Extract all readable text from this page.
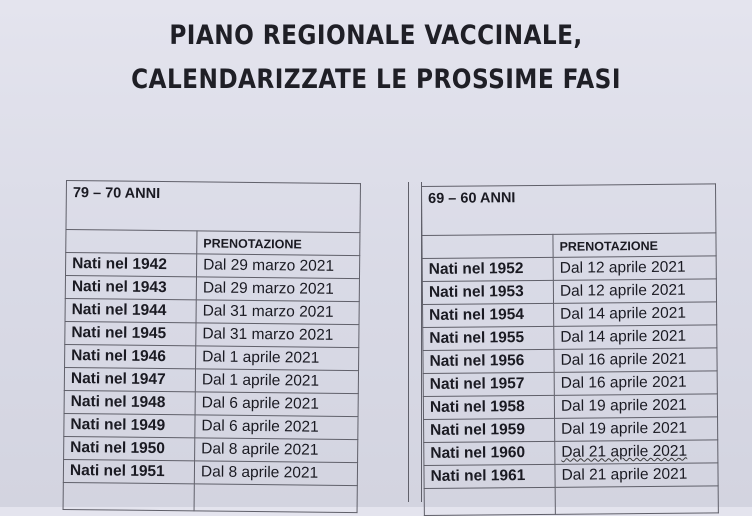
PIANO REGIONALE VACCINALE,
CALENDARIZZATE LE PROSSIME FASI
79 – 70 ANNI	
	PRENOTAZIONE
Nati nel 1942	Dal 29 marzo 2021
Nati nel 1943	Dal 29 marzo 2021
Nati nel 1944	Dal 31 marzo 2021
Nati nel 1945	Dal 31 marzo 2021
Nati nel 1946	Dal 1 aprile 2021
Nati nel 1947	Dal 1 aprile 2021
Nati nel 1948	Dal 6 aprile 2021
Nati nel 1949	Dal 6 aprile 2021
Nati nel 1950	Dal 8 aprile 2021
Nati nel 1951	Dal 8 aprile 2021

69 – 60 ANNI	
	PRENOTAZIONE
Nati nel 1952	Dal 12 aprile 2021
Nati nel 1953	Dal 12 aprile 2021
Nati nel 1954	Dal 14 aprile 2021
Nati nel 1955	Dal 14 aprile 2021
Nati nel 1956	Dal 16 aprile 2021
Nati nel 1957	Dal 16 aprile 2021
Nati nel 1958	Dal 19 aprile 2021
Nati nel 1959	Dal 19 aprile 2021
Nati nel 1960	Dal 21 aprile 2021
Nati nel 1961	Dal 21 aprile 2021
